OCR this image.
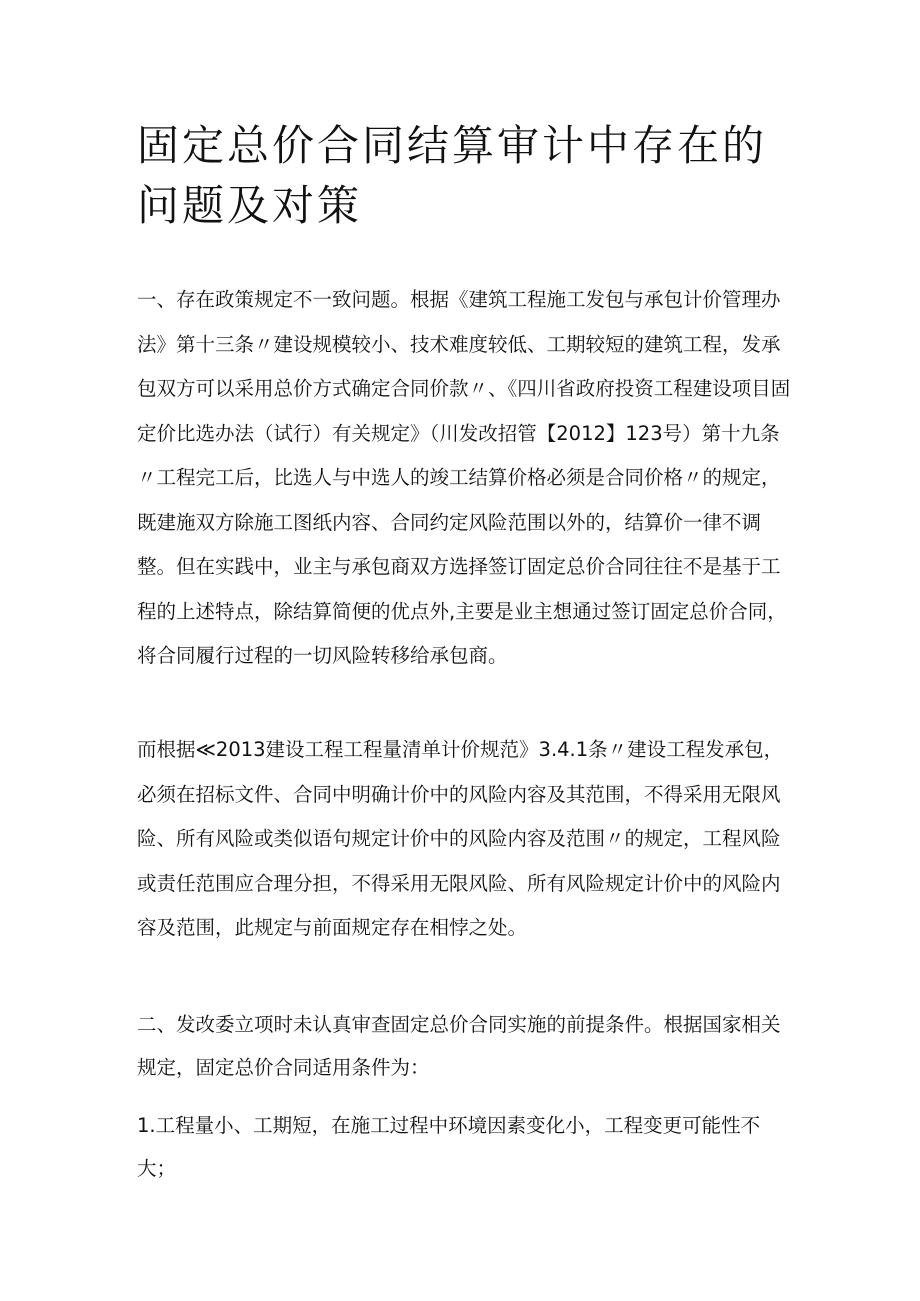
固定总价合同结算审计中存在的问题及对策

一、存在政策规定不一致问题。根据《建筑工程施工发包与承包计价管理办法》第十三条〃建设规模较小、技术难度较低、工期较短的建筑工程，发承包双方可以采用总价方式确定合同价款〃、《四川省政府投资工程建设项目固定价比选办法（试行）有关规定》（川发改招管【2012】123号）第十九条〃工程完工后，比选人与中选人的竣工结算价格必须是合同价格〃的规定，既建施双方除施工图纸内容、合同约定风险范围以外的，结算价一律不调整。但在实践中，业主与承包商双方选择签订固定总价合同往往不是基于工程的上述特点，除结算简便的优点外,主要是业主想通过签订固定总价合同，将合同履行过程的一切风险转移给承包商。

而根据≪2013建设工程工程量清单计价规范》3.4.1条〃建设工程发承包，必须在招标文件、合同中明确计价中的风险内容及其范围，不得采用无限风险、所有风险或类似语句规定计价中的风险内容及范围〃的规定，工程风险或责任范围应合理分担，不得采用无限风险、所有风险规定计价中的风险内容及范围，此规定与前面规定存在相悖之处。

二、发改委立项时未认真审查固定总价合同实施的前提条件。根据国家相关规定，固定总价合同适用条件为：

1.工程量小、工期短，在施工过程中环境因素变化小，工程变更可能性不大；
